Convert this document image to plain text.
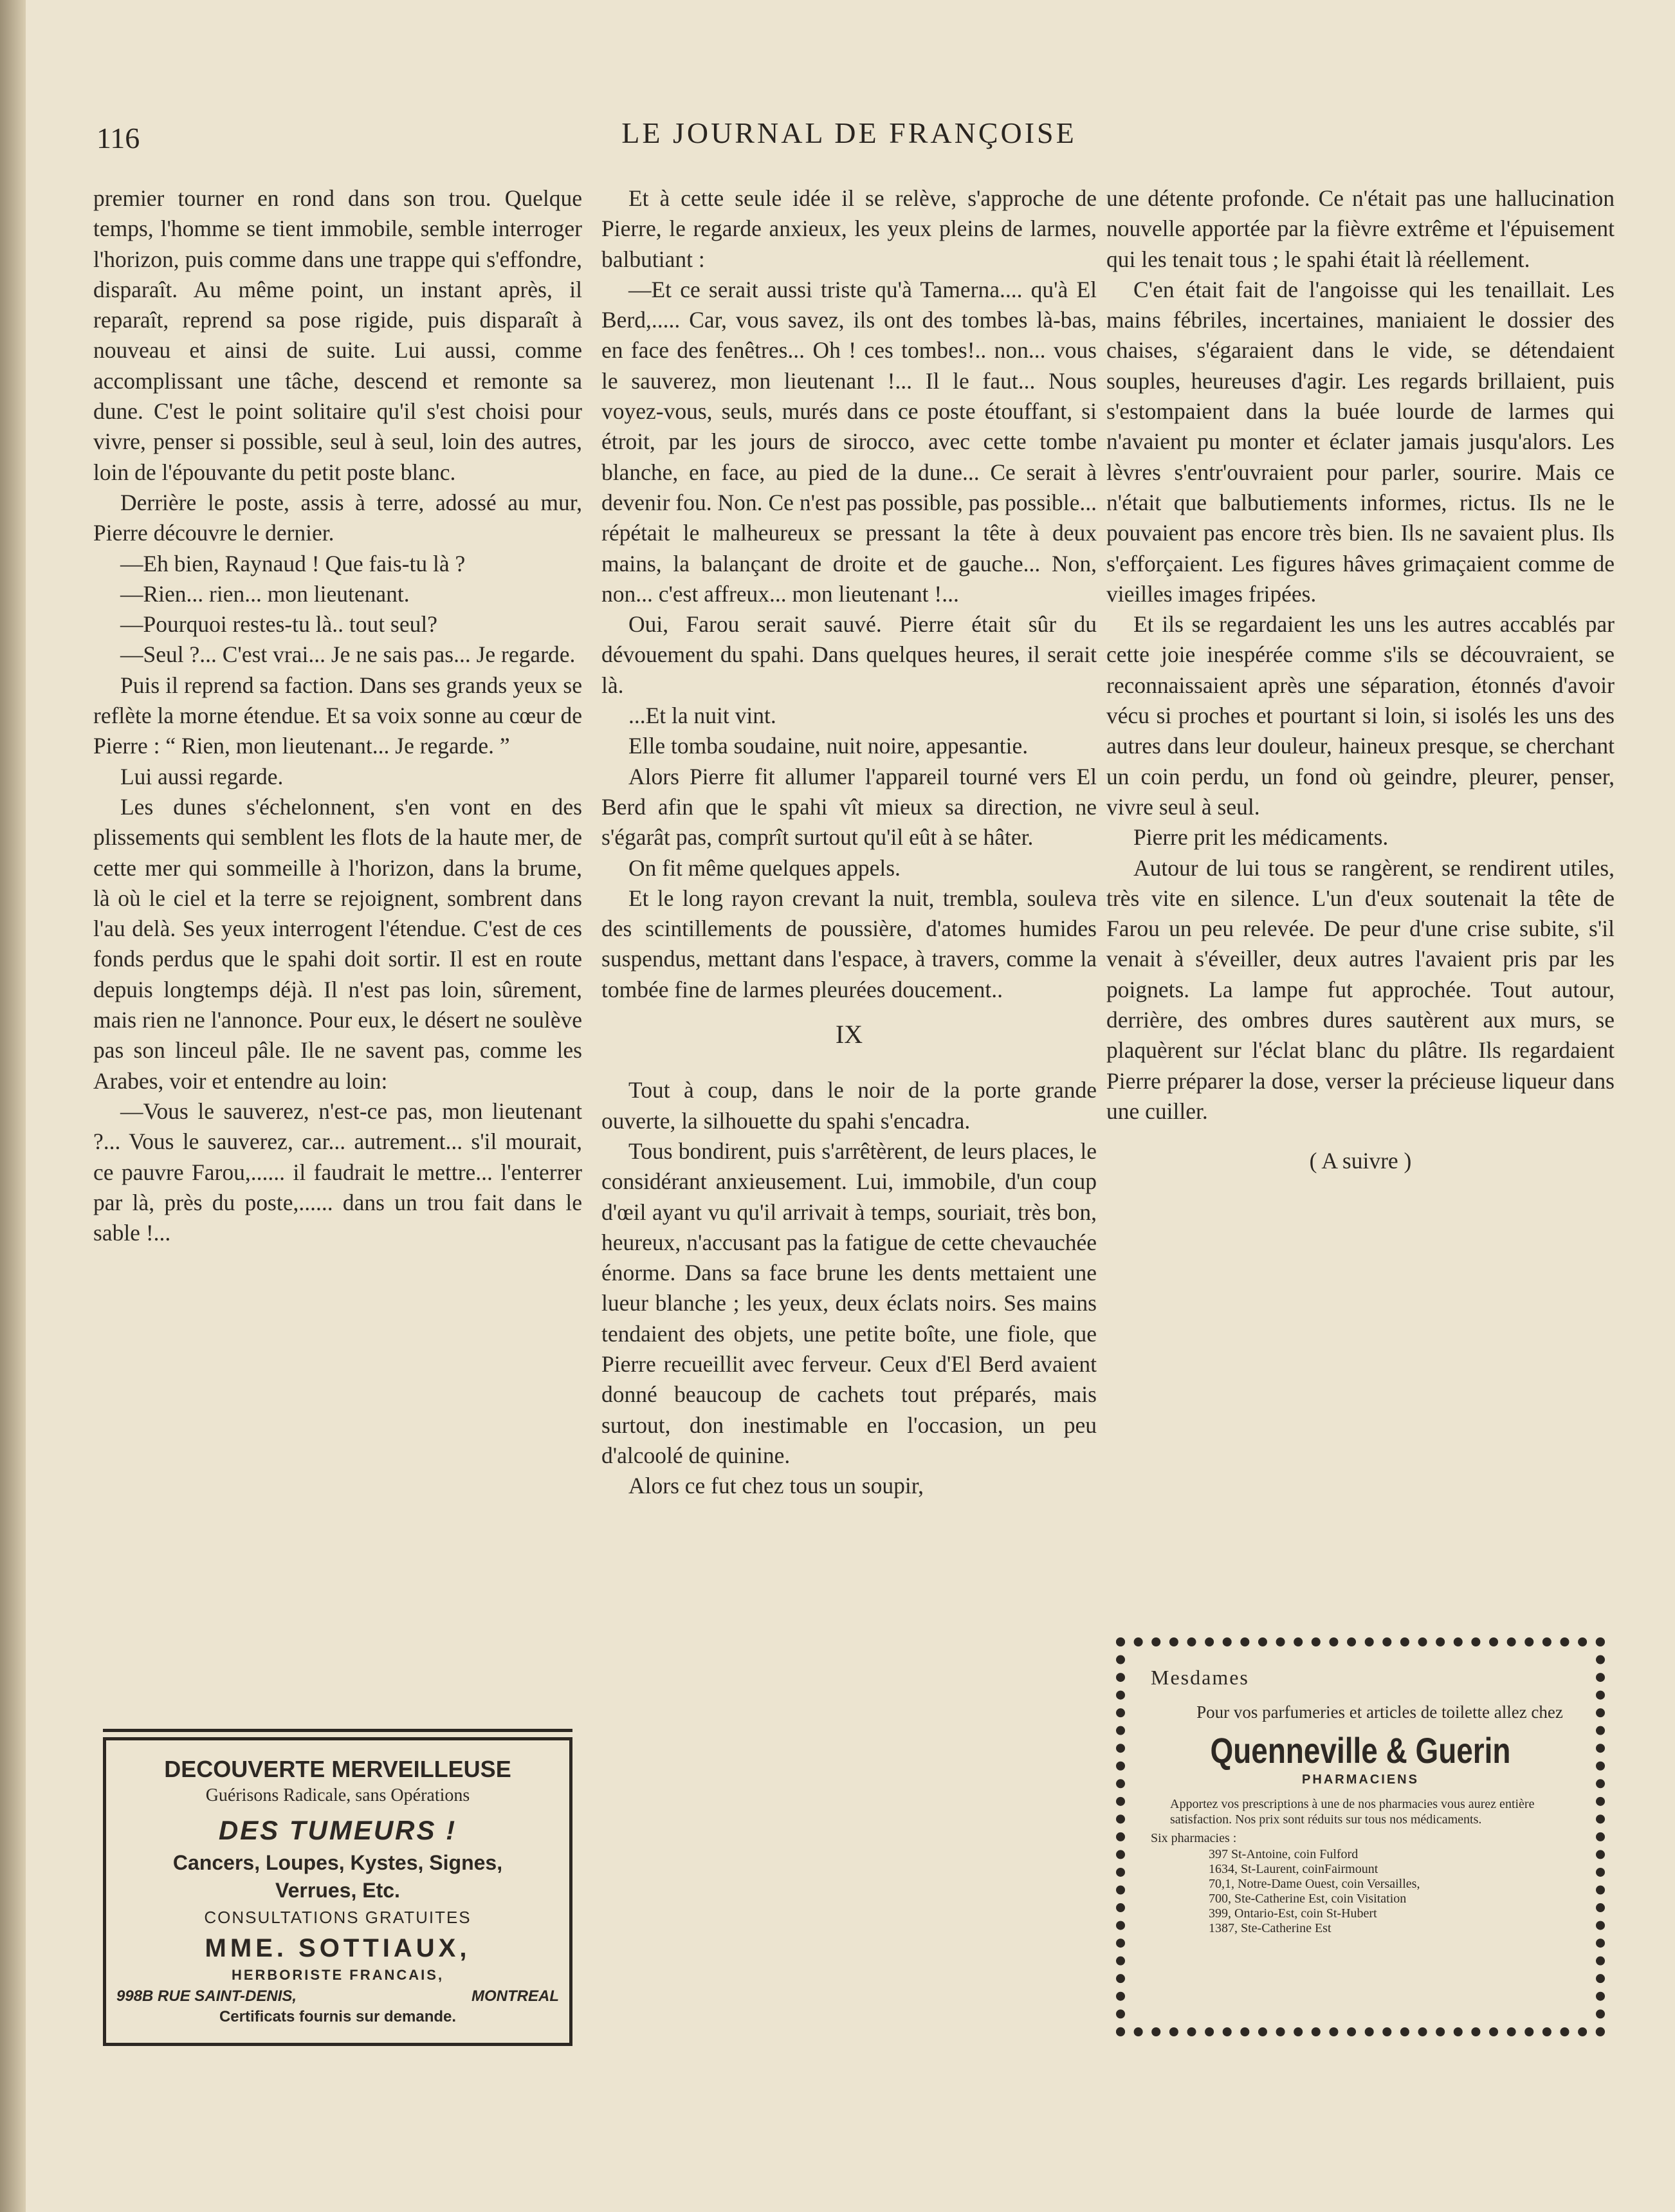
116	LE JOURNAL DE FRANÇOISE

premier tourner en rond dans son trou. Quelque temps, l'homme se tient immobile, semble interroger l'horizon, puis comme dans une trappe qui s'effondre, disparaît. Au même point, un instant après, il reparaît, reprend sa pose rigide, puis disparaît à nouveau et ainsi de suite. Lui aussi, comme accomplissant une tâche, descend et remonte sa dune. C'est le point solitaire qu'il s'est choisi pour vivre, penser si possible, seul à seul, loin des autres, loin de l'épouvante du petit poste blanc.

Derrière le poste, assis à terre, adossé au mur, Pierre découvre le dernier.

—Eh bien, Raynaud ! Que fais-tu là ?

—Rien... rien... mon lieutenant.

—Pourquoi restes-tu là.. tout seul?

—Seul ?... C'est vrai... Je ne sais pas... Je regarde.

Puis il reprend sa faction. Dans ses grands yeux se reflète la morne étendue. Et sa voix sonne au cœur de Pierre : “ Rien, mon lieutenant... Je regarde. ”

Lui aussi regarde.

Les dunes s'échelonnent, s'en vont en des plissements qui semblent les flots de la haute mer, de cette mer qui sommeille à l'horizon, dans la brume, là où le ciel et la terre se rejoignent, sombrent dans l'au delà. Ses yeux interrogent l'étendue. C'est de ces fonds perdus que le spahi doit sortir. Il est en route depuis longtemps déjà. Il n'est pas loin, sûrement, mais rien ne l'annonce. Pour eux, le désert ne soulève pas son linceul pâle. Ile ne savent pas, comme les Arabes, voir et entendre au loin:

—Vous le sauverez, n'est-ce pas, mon lieutenant ?... Vous le sauverez, car... autrement... s'il mourait, ce pauvre Farou,...... il faudrait le mettre... l'enterrer par là, près du poste,...... dans un trou fait dans le sable !...

Et à cette seule idée il se relève, s'approche de Pierre, le regarde anxieux, les yeux pleins de larmes, balbutiant :

—Et ce serait aussi triste qu'à Tamerna.... qu'à El Berd,..... Car, vous savez, ils ont des tombes là-bas, en face des fenêtres... Oh ! ces tombes!.. non... vous le sauverez, mon lieutenant !... Il le faut... Nous voyez-vous, seuls, murés dans ce poste étouffant, si étroit, par les jours de sirocco, avec cette tombe blanche, en face, au pied de la dune... Ce serait à devenir fou. Non. Ce n'est pas possible, pas possible... répétait le malheureux se pressant la tête à deux mains, la balançant de droite et de gauche... Non, non... c'est affreux... mon lieutenant !...

Oui, Farou serait sauvé. Pierre était sûr du dévouement du spahi. Dans quelques heures, il serait là.

...Et la nuit vint.

Elle tomba soudaine, nuit noire, appesantie.

Alors Pierre fit allumer l'appareil tourné vers El Berd afin que le spahi vît mieux sa direction, ne s'égarât pas, comprît surtout qu'il eût à se hâter.

On fit même quelques appels.

Et le long rayon crevant la nuit, trembla, souleva des scintillements de poussière, d'atomes humides suspendus, mettant dans l'espace, à travers, comme la tombée fine de larmes pleurées doucement..

IX

Tout à coup, dans le noir de la porte grande ouverte, la silhouette du spahi s'encadra.

Tous bondirent, puis s'arrêtèrent, de leurs places, le considérant anxieusement. Lui, immobile, d'un coup d'œil ayant vu qu'il arrivait à temps, souriait, très bon, heureux, n'accusant pas la fatigue de cette chevauchée énorme. Dans sa face brune les dents mettaient une lueur blanche ; les yeux, deux éclats noirs. Ses mains tendaient des objets, une petite boîte, une fiole, que Pierre recueillit avec ferveur. Ceux d'El Berd avaient donné beaucoup de cachets tout préparés, mais surtout, don inestimable en l'occasion, un peu d'alcoolé de quinine.

Alors ce fut chez tous un soupir,

une détente profonde. Ce n'était pas une hallucination nouvelle apportée par la fièvre extrême et l'épuisement qui les tenait tous ; le spahi était là réellement.

C'en était fait de l'angoisse qui les tenaillait. Les mains fébriles, incertaines, maniaient le dossier des chaises, s'égaraient dans le vide, se détendaient souples, heureuses d'agir. Les regards brillaient, puis s'estompaient dans la buée lourde de larmes qui n'avaient pu monter et éclater jamais jusqu'alors. Les lèvres s'entr'ouvraient pour parler, sourire. Mais ce n'était que balbutiements informes, rictus. Ils ne le pouvaient pas encore très bien. Ils ne savaient plus. Ils s'efforçaient. Les figures hâves grimaçaient comme de vieilles images fripées.

Et ils se regardaient les uns les autres accablés par cette joie inespérée comme s'ils se découvraient, se reconnaissaient après une séparation, étonnés d'avoir vécu si proches et pourtant si loin, si isolés les uns des autres dans leur douleur, haineux presque, se cherchant un coin perdu, un fond où geindre, pleurer, penser, vivre seul à seul.

Pierre prit les médicaments.

Autour de lui tous se rangèrent, se rendirent utiles, très vite en silence. L'un d'eux soutenait la tête de Farou un peu relevée. De peur d'une crise subite, s'il venait à s'éveiller, deux autres l'avaient pris par les poignets. La lampe fut approchée. Tout autour, derrière, des ombres dures sautèrent aux murs, se plaquèrent sur l'éclat blanc du plâtre. Ils regardaient Pierre préparer la dose, verser la précieuse liqueur dans une cuiller.

( A suivre )
DECOUVERTE MERVEILLEUSE
Guérisons Radicale, sans Opérations
DES TUMEURS !
Cancers, Loupes, Kystes, Signes,
Verrues, Etc.
CONSULTATIONS GRATUITES
MME. SOTTIAUX,
HERBORISTE FRANCAIS,
998B RUE SAINT-DENIS,	MONTREAL
Certificats fournis sur demande.
Mesdames
Pour vos parfumeries et articles de toilette allez chez
Quenneville & Guerin
PHARMACIENS
Apportez vos prescriptions à une de nos pharmacies vous aurez entière satisfaction. Nos prix sont réduits sur tous nos médicaments.
Six pharmacies :
397 St-Antoine, coin Fulford
1634, St-Laurent, coinFairmount
70,1, Notre-Dame Ouest, coin Versailles,
700, Ste-Catherine Est, coin Visitation
399, Ontario-Est, coin St-Hubert
1387, Ste-Catherine Est
